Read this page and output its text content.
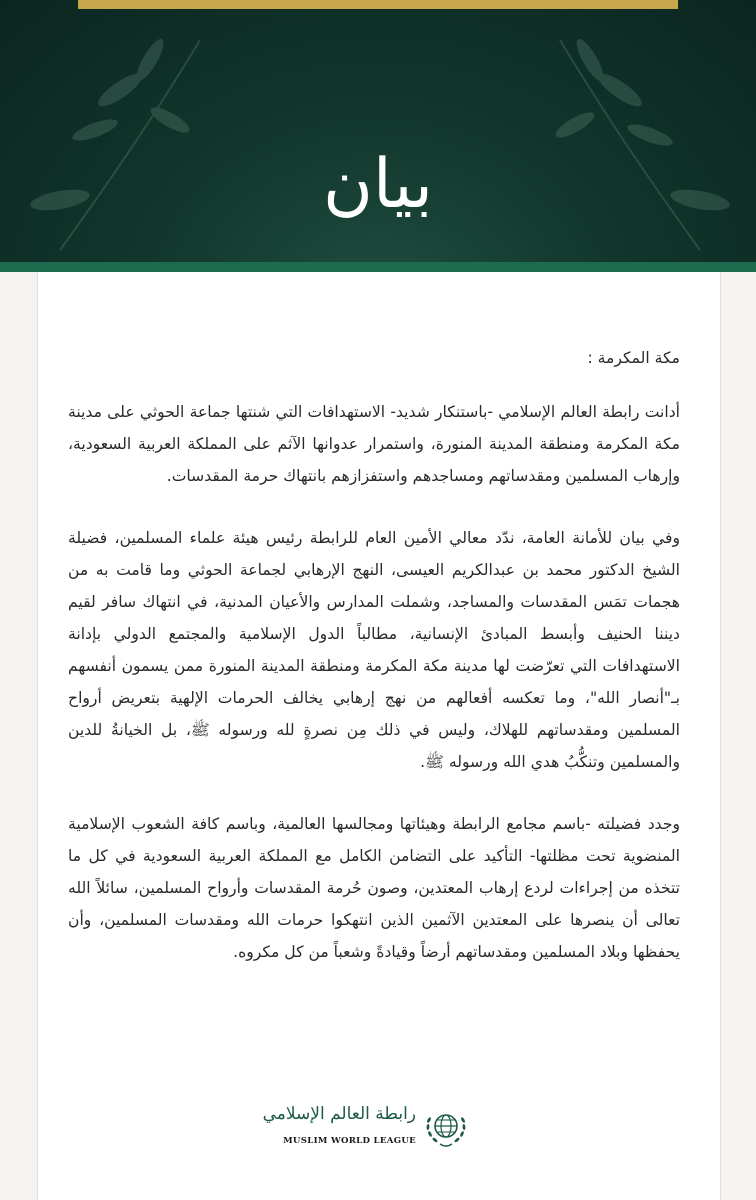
بيان

مكة المكرمة :

أدانت رابطة العالم الإسلامي -باستنكار شديد- الاستهدافات التي شنتها جماعة الحوثي على مدينة مكة المكرمة ومنطقة المدينة المنورة، واستمرار عدوانها الآثم على المملكة العربية السعودية، وإرهاب المسلمين ومقدساتهم ومساجدهم واستفزازهم بانتهاك حرمة المقدسات.

وفي بيان للأمانة العامة، ندّد معالي الأمين العام للرابطة رئيس هيئة علماء المسلمين، فضيلة الشيخ الدكتور محمد بن عبدالكريم العيسى، النهج الإرهابي لجماعة الحوثي وما قامت به من هجمات تمَس المقدسات والمساجد، وشملت المدارس والأعيان المدنية، في انتهاك سافر لقيم ديننا الحنيف وأبسط المبادئ الإنسانية، مطالباً الدول الإسلامية والمجتمع الدولي بإدانة الاستهدافات التي تعرّضت لها مدينة مكة المكرمة ومنطقة المدينة المنورة ممن يسمون أنفسهم بـ"أنصار الله"، وما تعكسه أفعالهم من نهج إرهابي يخالف الحرمات الإلهية بتعريض أرواح المسلمين ومقدساتهم للهلاك، وليس في ذلك مِن نصرةٍ لله ورسوله ﷺ، بل الخيانةُ للدين والمسلمين وتنكُّبُ هدي الله ورسوله ﷺ.

وجدد فضيلته -باسم مجامع الرابطة وهيئاتها ومجالسها العالمية، وباسم كافة الشعوب الإسلامية المنضوية تحت مظلتها- التأكيد على التضامن الكامل مع المملكة العربية السعودية في كل ما تتخذه من إجراءات لردع إرهاب المعتدين، وصون حُرمة المقدسات وأرواح المسلمين، سائلاً الله تعالى أن ينصرها على المعتدين الآثمين الذين انتهكوا حرمات الله ومقدسات المسلمين، وأن يحفظها وبلاد المسلمين ومقدساتهم أرضاً وقيادةً وشعباً من كل مكروه.

رابطة العالم الإسلامي
MUSLIM WORLD LEAGUE
